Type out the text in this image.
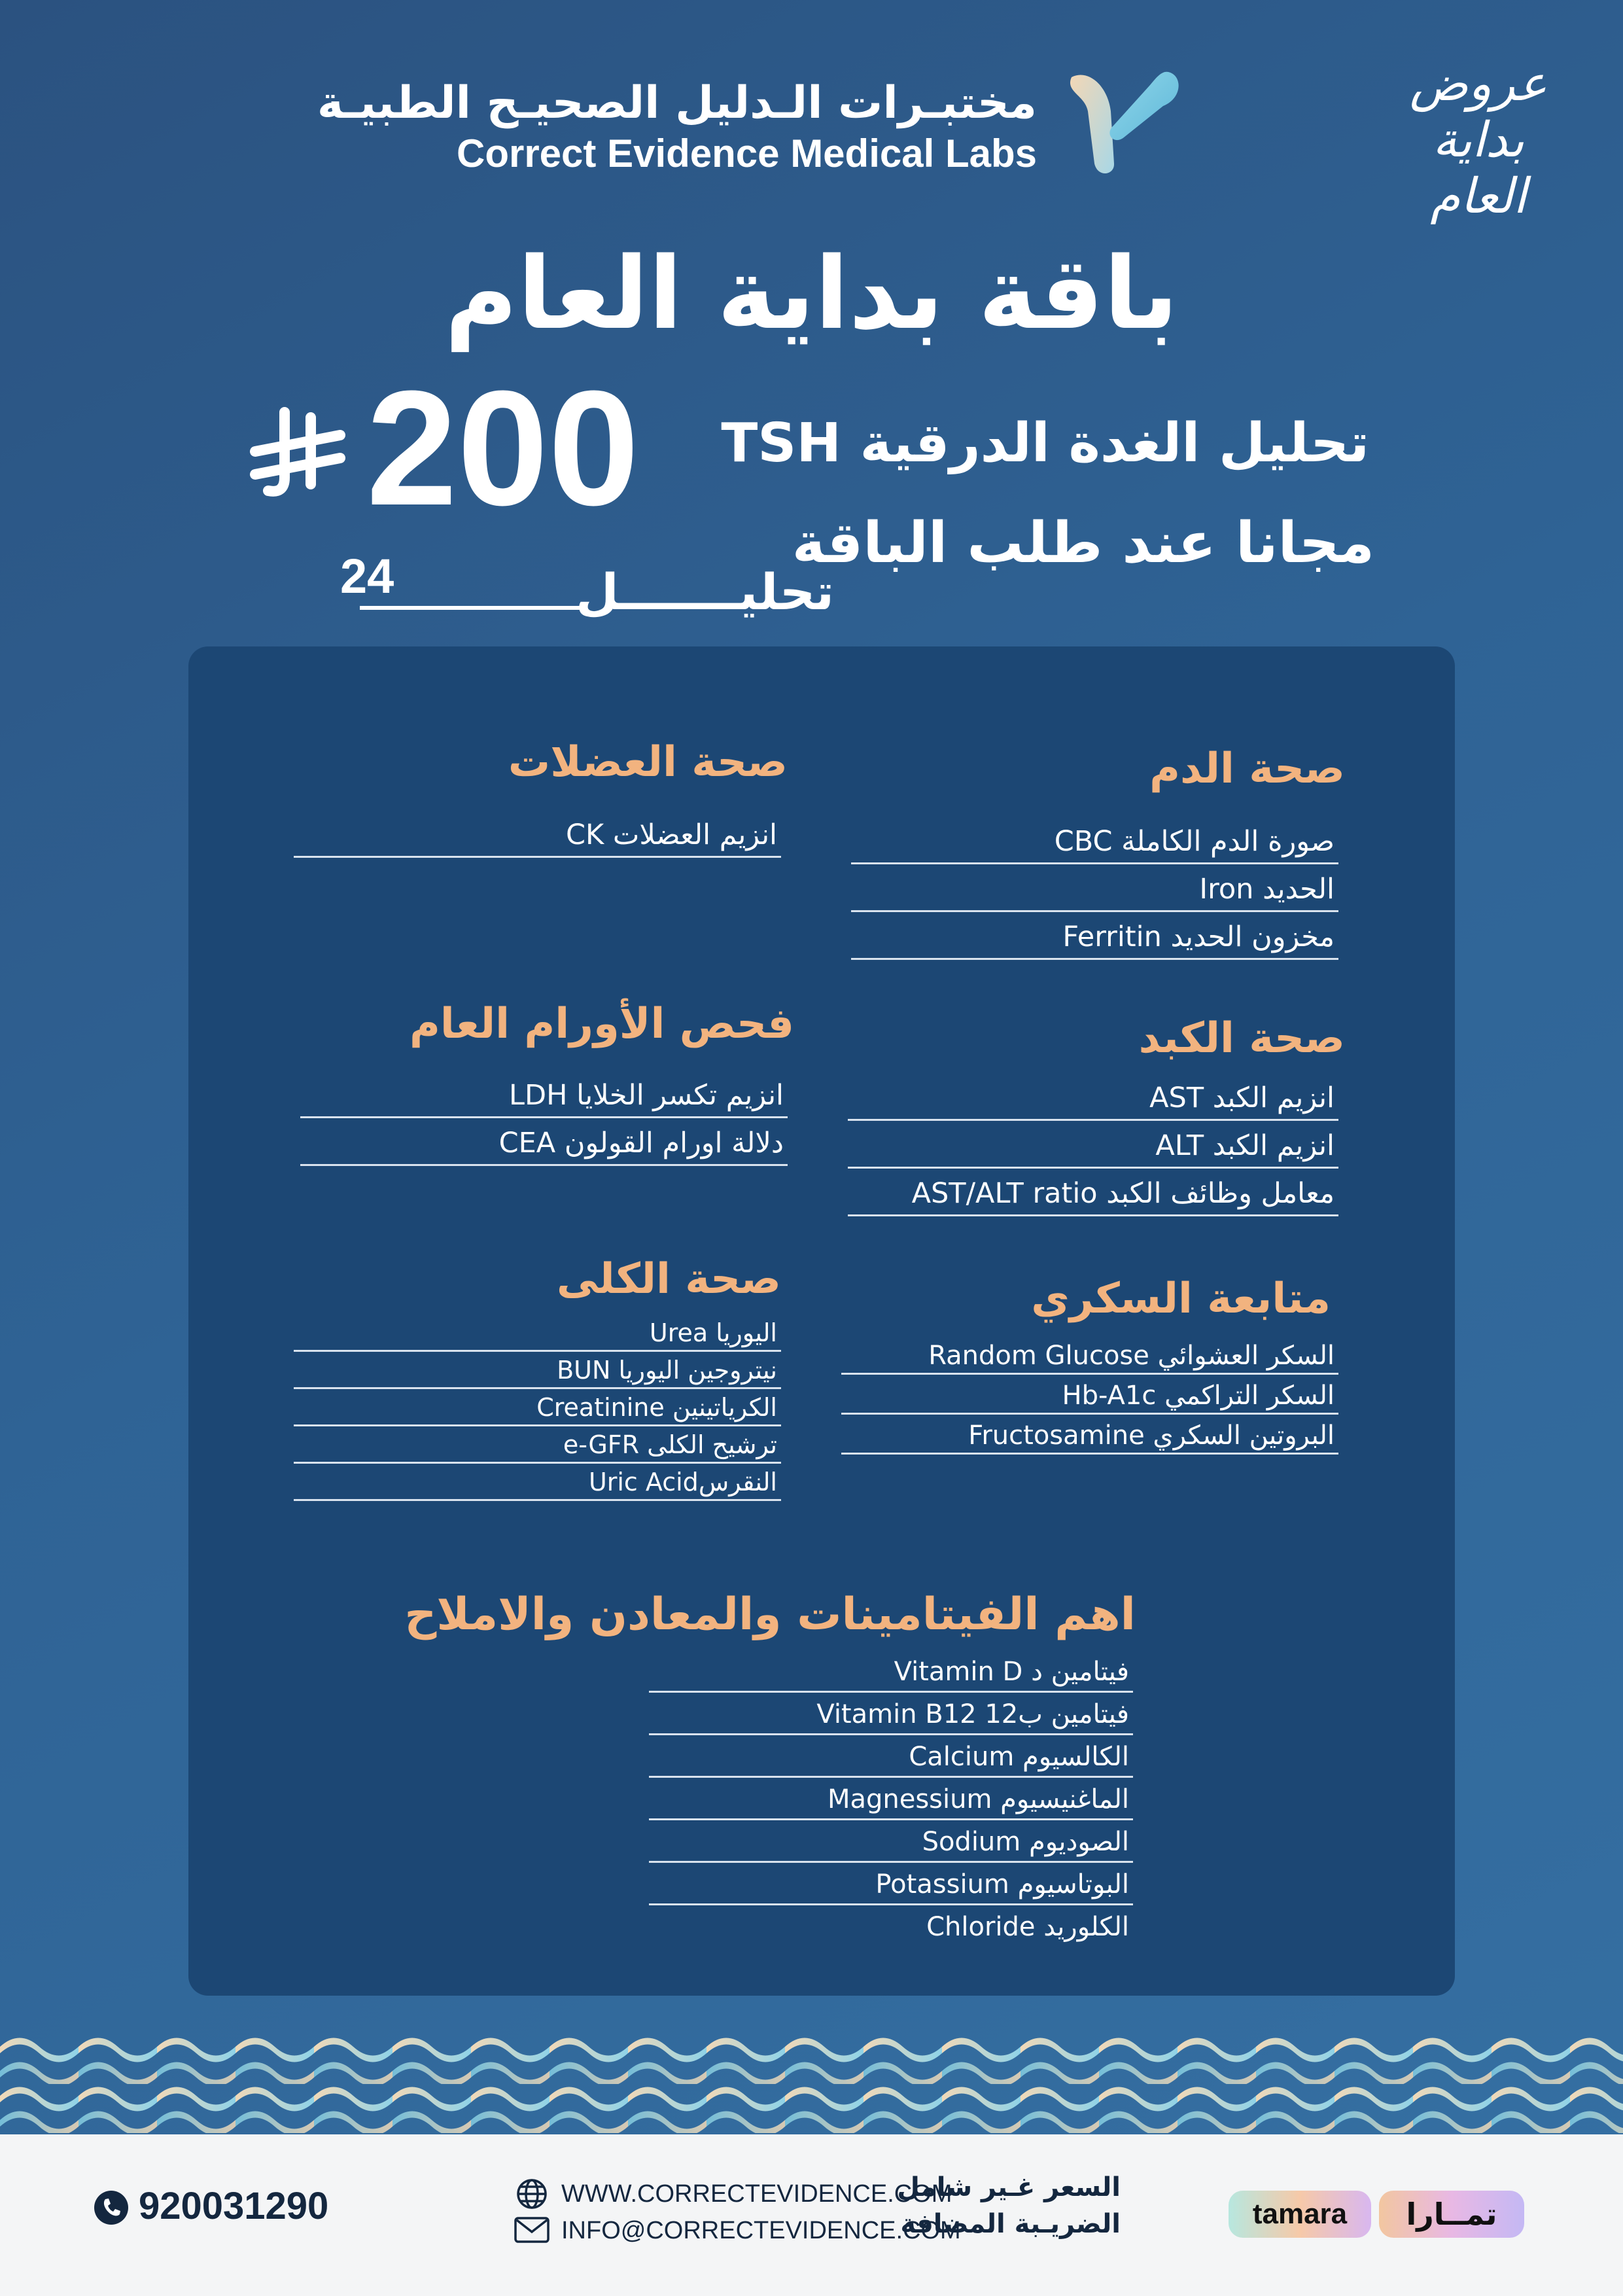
مختبـرات الـدليل الصحيـح الطبيـة
Correct Evidence Medical Labs
عروض
بداية
العام
باقة بداية العام
200
24	تحليـــــــل
تحليل الغدة الدرقية TSH
مجانا عند طلب الباقة
صحة الدم
صورة الدم الكاملة CBC
الحديد Iron
مخزون الحديد Ferritin
صحة العضلات
انزيم العضلات CK
صحة الكبد
انزيم الكبد AST
انزيم الكبد ALT
معامل وظائف الكبد AST/ALT ratio
فحص الأورام العام
انزيم تكسر الخلايا LDH
دلالة اورام القولون CEA
متابعة السكري
السكر العشوائي Random Glucose
السكر التراكمي Hb-A1c
البروتين السكري Fructosamine
صحة الكلى
اليوريا Urea
نيتروجين اليوريا BUN
الكرياتينين Creatinine
ترشيح الكلى e-GFR
النقرسUric Acid
اهم الفيتامينات والمعادن والاملاح
فيتامين د Vitamin D
فيتامين ب12 Vitamin B12
الكالسيوم Calcium
الماغنيسيوم Magnessium
الصوديوم Sodium
البوتاسيوم Potassium
الكلوريد Chloride
920031290	WWW.CORRECTEVIDENCE.COM
INFO@CORRECTEVIDENCE.COM
السعر غـير شامل
الضريـبة المضافة	tamara	تمــارا
